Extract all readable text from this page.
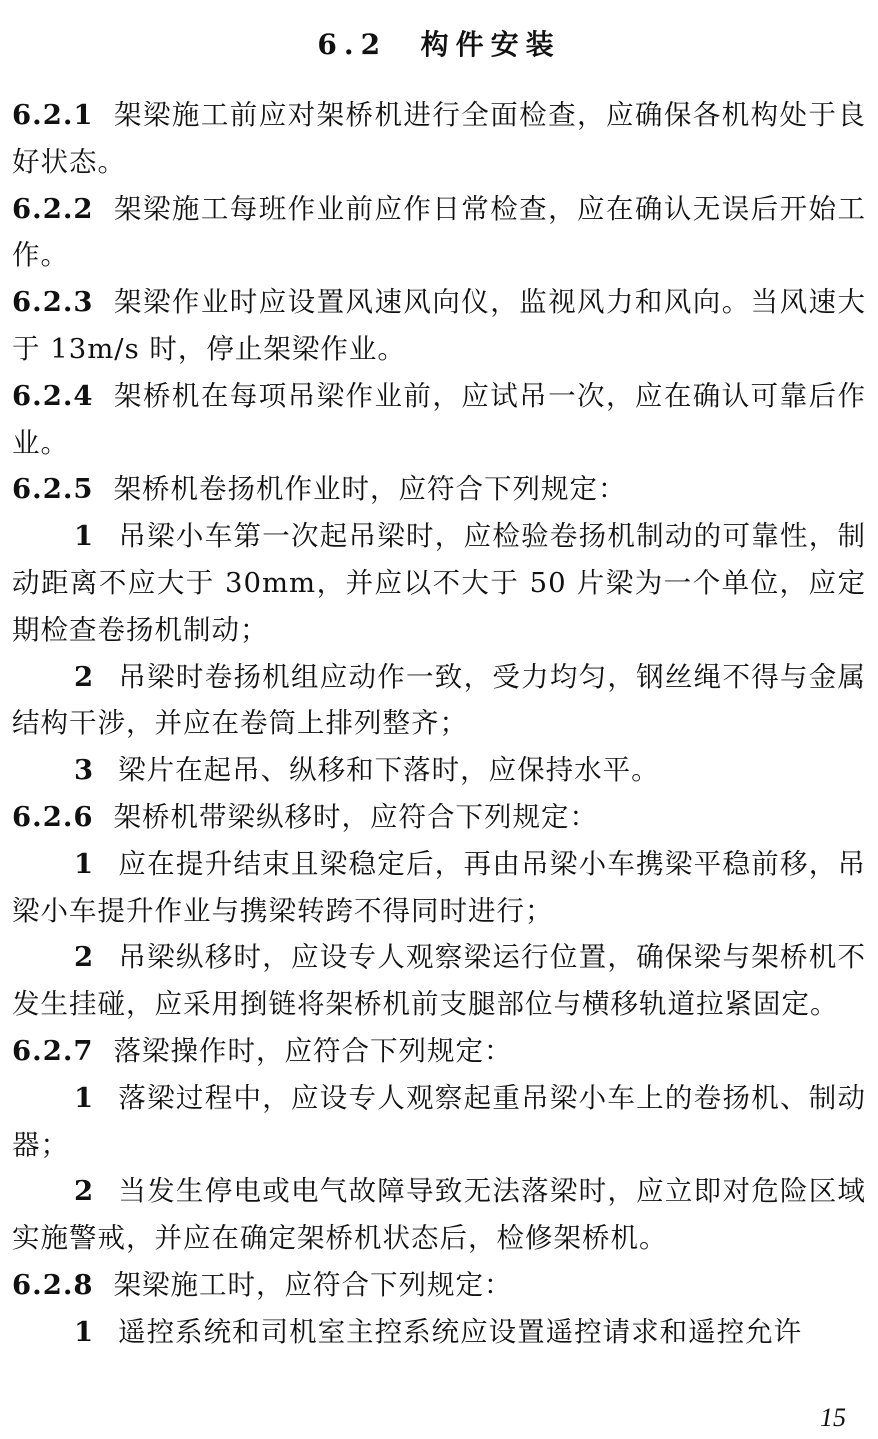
6.2 构件安装

6.2.1 架梁施工前应对架桥机进行全面检查，应确保各机构处于良好状态。

6.2.2 架梁施工每班作业前应作日常检查，应在确认无误后开始工作。

6.2.3 架梁作业时应设置风速风向仪，监视风力和风向。当风速大于 13m/s 时，停止架梁作业。

6.2.4 架桥机在每项吊梁作业前，应试吊一次，应在确认可靠后作业。

6.2.5 架桥机卷扬机作业时，应符合下列规定：

1 吊梁小车第一次起吊梁时，应检验卷扬机制动的可靠性，制动距离不应大于 30mm，并应以不大于 50 片梁为一个单位，应定期检查卷扬机制动；

2 吊梁时卷扬机组应动作一致，受力均匀，钢丝绳不得与金属结构干涉，并应在卷筒上排列整齐；

3 梁片在起吊、纵移和下落时，应保持水平。

6.2.6 架桥机带梁纵移时，应符合下列规定：

1 应在提升结束且梁稳定后，再由吊梁小车携梁平稳前移，吊梁小车提升作业与携梁转跨不得同时进行；

2 吊梁纵移时，应设专人观察梁运行位置，确保梁与架桥机不发生挂碰，应采用捯链将架桥机前支腿部位与横移轨道拉紧固定。

6.2.7 落梁操作时，应符合下列规定：

1 落梁过程中，应设专人观察起重吊梁小车上的卷扬机、制动器；

2 当发生停电或电气故障导致无法落梁时，应立即对危险区域实施警戒，并应在确定架桥机状态后，检修架桥机。

6.2.8 架梁施工时，应符合下列规定：

1 遥控系统和司机室主控系统应设置遥控请求和遥控允许

15
